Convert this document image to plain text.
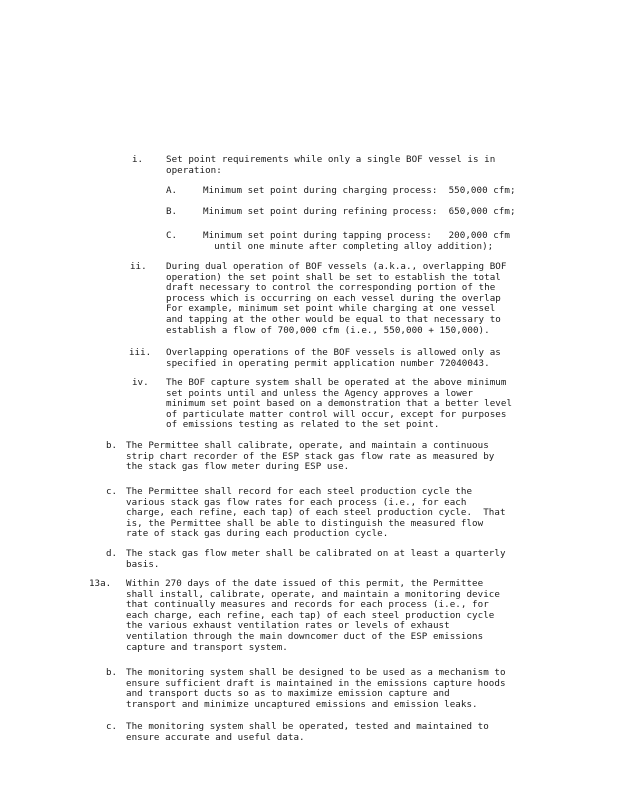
i. Set point requirements while only a single BOF vessel is in
operation:
A.	Minimum set point during charging process:  550,000 cfm;
B.	Minimum set point during refining process:  650,000 cfm;
C.	Minimum set point during tapping process:   200,000 cfm
until one minute after completing alloy addition);
ii. During dual operation of BOF vessels (a.k.a., overlapping BOF
operation) the set point shall be set to establish the total
draft necessary to control the corresponding portion of the
process which is occurring on each vessel during the overlap
For example, minimum set point while charging at one vessel
and tapping at the other would be equal to that necessary to
establish a flow of 700,000 cfm (i.e., 550,000 + 150,000).
iii. Overlapping operations of the BOF vessels is allowed only as
specified in operating permit application number 72040043.
iv. The BOF capture system shall be operated at the above minimum
set points until and unless the Agency approves a lower
minimum set point based on a demonstration that a better level
of particulate matter control will occur, except for purposes
of emissions testing as related to the set point.
b. The Permittee shall calibrate, operate, and maintain a continuous
strip chart recorder of the ESP stack gas flow rate as measured by
the stack gas flow meter during ESP use.
c. The Permittee shall record for each steel production cycle the
various stack gas flow rates for each process (i.e., for each
charge, each refine, each tap) of each steel production cycle.  That
is, the Permittee shall be able to distinguish the measured flow
rate of stack gas during each production cycle.
d. The stack gas flow meter shall be calibrated on at least a quarterly
basis.
13a. Within 270 days of the date issued of this permit, the Permittee
shall install, calibrate, operate, and maintain a monitoring device
that continually measures and records for each process (i.e., for
each charge, each refine, each tap) of each steel production cycle
the various exhaust ventilation rates or levels of exhaust
ventilation through the main downcomer duct of the ESP emissions
capture and transport system.
b. The monitoring system shall be designed to be used as a mechanism to
ensure sufficient draft is maintained in the emissions capture hoods
and transport ducts so as to maximize emission capture and
transport and minimize uncaptured emissions and emission leaks.
c. The monitoring system shall be operated, tested and maintained to
ensure accurate and useful data.
